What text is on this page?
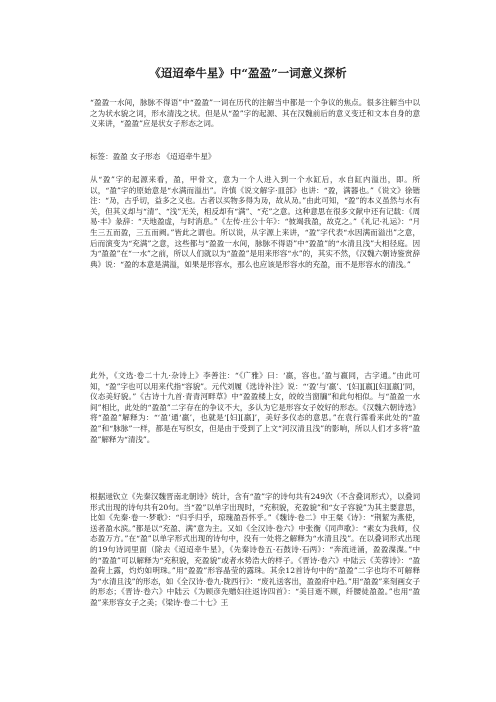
《迢迢牵牛星》中“盈盈”一词意义探析

“盈盈一水间，脉脉不得语”中“盈盈”一词在历代的注解当中都是一个争议的焦点。很多注解当中以之为状水貌之词，形水清浅之状。但是从“盈”字的起源、其在汉魏前后的意义变迁和文本自身的意义来讲，“盈盈”应是状女子形态之词。

标签：盈盈 女子形态 《迢迢牵牛星》

从“盈”字的起源来看，盈，甲骨文，意为一个人进入到一个水缸后，水自缸内溢出，即。所以，“盈”字的原始意是“水满而溢出”。许慎《说文解字·皿部》也讲：“盈，满器也。”《说文》徐锴注：“夃，古乎切，益多之义也。古者以买物多得为夃，故从夃。”由此可知，“盈”的本义虽然与水有关，但其义却与“清”、“浅”无关，相反却有“满”、“充”之意。这种意思在很多文献中还有记载：《周易·丰》彖辞：“天地盈虚，与时消息。”《左传·庄公十年》：“彼竭我盈，故克之。”《礼记·礼运》：“月生三五而盈，三五而阙。”皆此之谓也。所以说，从字源上来讲，“盈”字代表“水因满而溢出”之意，后而演变为“充满”之意，这些都与“盈盈一水间，脉脉不得语”中“盈盈”的“水清且浅”大相径庭。因为“盈盈”在“一水”之前，所以人们就以为“盈盈”是用来形容“水”的，其实不然，《汉魏六朝诗鉴赏辞典》说：“盈的本意是满溢，如果是形容水，那么也应该是形容水的充盈，而不是形容水的清浅。”

此外，《文选·卷二十九·杂诗上》李善注：“《广雅》曰：‘嬴，容也。’盈与嬴同，古字通。”由此可知，“盈”字也可以用来代指“容貌”。元代刘履《选诗补注》说：“‘盈’与‘嬴’、‘[妇][嬴][妇][嬴]’同，仪态美好貌。”《古诗十九首·青青河畔草》中“盈盈楼上女，皎皎当窗牖”和此句相似。与“盈盈一水间”相比，此处的“盈盈”二字存在的争议不大，多认为它是形容女子姣好的形态。《汉魏六朝诗选》将“盈盈”解释为：“‘盈’通‘嬴’，也就是‘[妇][嬴]’，美好多仪态的意思。”在袁行霈看来此处的“盈盈”和“脉脉”一样，都是在写织女，但是由于受到了上文“河汉清且浅”的影响，所以人们才多将“盈盈”解释为“清浅”。

根据逯钦立《先秦汉魏晋南北朝诗》统计，含有“盈”字的诗句共有249次（不含叠词形式），以叠词形式出现的诗句共有20句。当“盈”以单字出现时，“充积貌，充盈貌”和“女子容貌”为其主要意思，比如《先秦·卷一·梦歌》：“归乎归乎，琼瑰盈吾怀乎。”《魏诗·卷二》中王粲《诗》：“荆絜为燕使，送者盈水滨。”都是以“充盈、满”意为主。又如《全汉诗·卷六》中张衡《同声歌》：“素女为我师，仪态盈万方。”在“盈”以单字形式出现的诗句中，没有一处将之解释为“水清且浅”。在以叠词形式出现的19句诗词里面（除去《迢迢牵牛星》，《先秦诗卷五·石鼓诗·石两》：“奔流迸涌，盈盈渫渫。”中的“盈盈”可以解释为“充积貌，充盈貌”或者水势浩大的样子。《晋诗·卷六》中陆云《芙蓉诗》：“盈盈荷上露，灼灼如明珠。”用“盈盈”形容晶莹的露珠。其余12首诗句中的“盈盈”二字也均不可解释为“水清且浅”的形态，如《全汉诗·卷九·陇西行》：“废礼送客出，盈盈府中趋。”用“盈盈”来刻画女子的形态；《晋诗·卷六》中陆云《为顾彦先赠妇往返诗四首》：“美目逝不顾，纤腰徒盈盈。”也用“盈盈”来形容女子之美；《梁诗·卷二十七》王
